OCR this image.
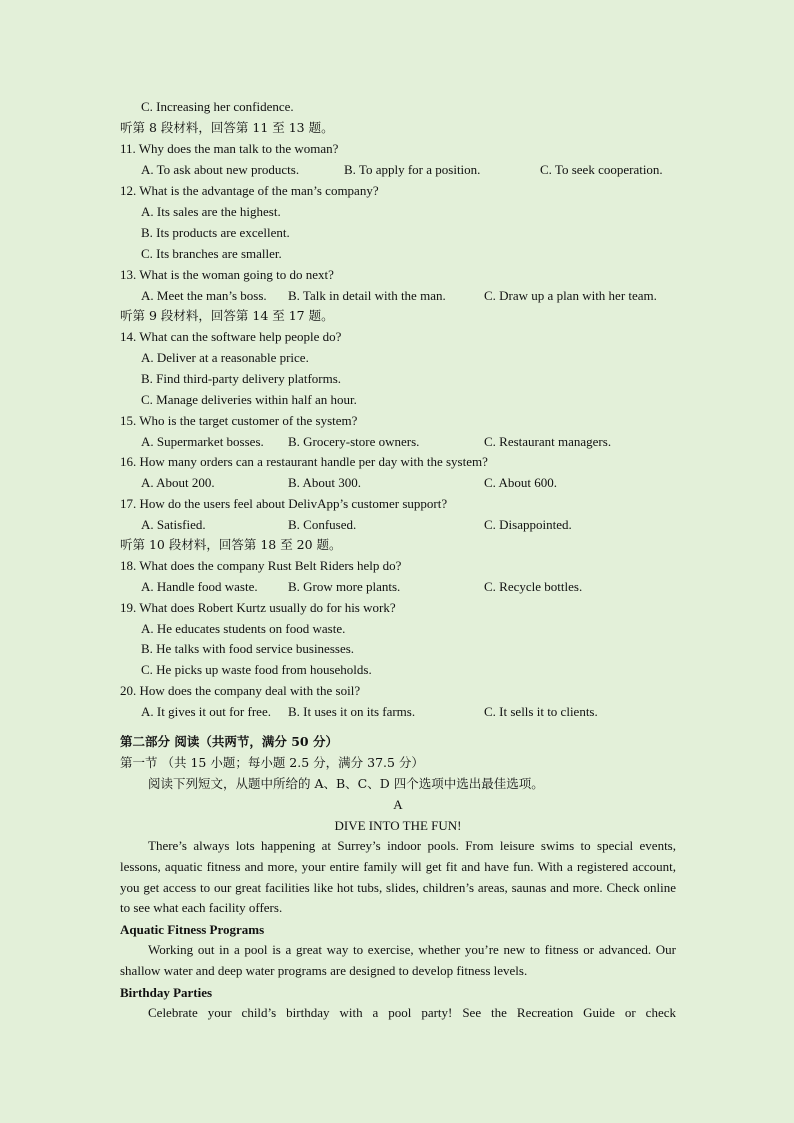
C. Increasing her confidence.
听第 8 段材料，回答第 11 至 13 题。
11. Why does the man talk to the woman?
A. To ask about new products.	B. To apply for a position.	C. To seek cooperation.
12. What is the advantage of the man’s company?
A. Its sales are the highest.
B. Its products are excellent.
C. Its branches are smaller.
13. What is the woman going to do next?
A. Meet the man’s boss. B. Talk in detail with the man.	C. Draw up a plan with her team.
听第 9 段材料，回答第 14 至 17 题。
14. What can the software help people do?
A. Deliver at a reasonable price.
B. Find third-party delivery platforms.
C. Manage deliveries within half an hour.
15. Who is the target customer of the system?
A. Supermarket bosses. B. Grocery-store owners.	C. Restaurant managers.
16. How many orders can a restaurant handle per day with the system?
A. About 200.	B. About 300.	C. About 600.
17. How do the users feel about DelivApp’s customer support?
A. Satisfied.	B. Confused.	C. Disappointed.
听第 10 段材料，回答第 18 至 20 题。
18. What does the company Rust Belt Riders help do?
A. Handle food waste. B. Grow more plants.	C. Recycle bottles.
19. What does Robert Kurtz usually do for his work?
A. He educates students on food waste.
B. He talks with food service businesses.
C. He picks up waste food from households.
20. How does the company deal with the soil?
A. It gives it out for free. B. It uses it on its farms.	C. It sells it to clients.
第二部分 阅读（共两节，满分 50 分）
第一节 （共 15 小题；每小题 2.5 分，满分 37.5 分）
阅读下列短文，从题中所给的 A、B、C、D 四个选项中选出最佳选项。
A
DIVE INTO THE FUN!
There’s always lots happening at Surrey’s indoor pools. From leisure swims to special events, lessons, aquatic fitness and more, your entire family will get fit and have fun. With a registered account, you get access to our great facilities like hot tubs, slides, children’s areas, saunas and more. Check online to see what each facility offers.
Aquatic Fitness Programs
Working out in a pool is a great way to exercise, whether you’re new to fitness or advanced. Our shallow water and deep water programs are designed to develop fitness levels.
Birthday Parties
Celebrate your child’s birthday with a pool party! See the Recreation Guide or check
